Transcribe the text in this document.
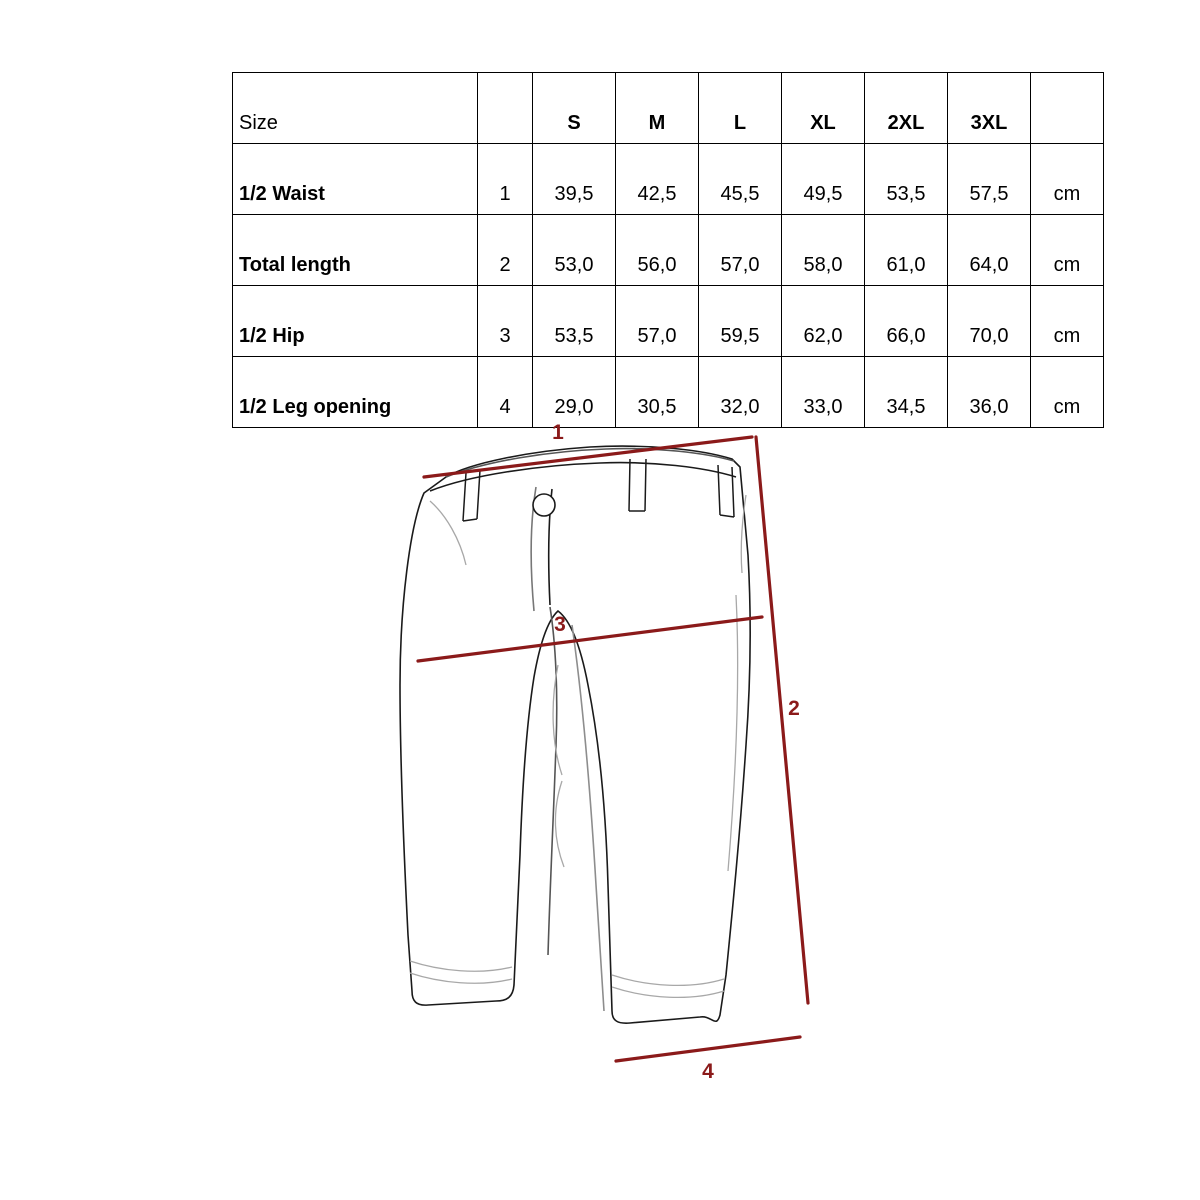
Size		S	M	L	XL	2XL	3XL	
1/2 Waist	1	39,5	42,5	45,5	49,5	53,5	57,5	cm
Total length	2	53,0	56,0	57,0	58,0	61,0	64,0	cm
1/2 Hip	3	53,5	57,0	59,5	62,0	66,0	70,0	cm
1/2 Leg opening	4	29,0	30,5	32,0	33,0	34,5	36,0	cm
1
2
3
4
